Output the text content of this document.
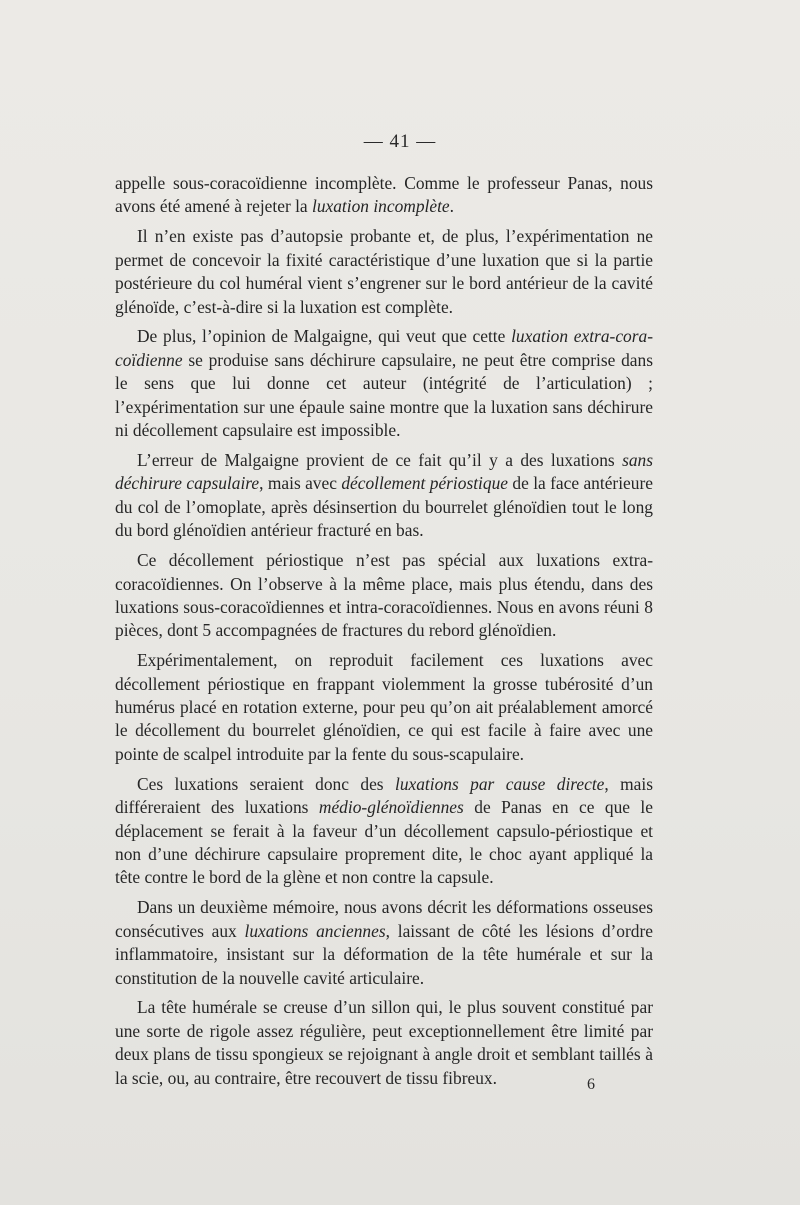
— 41 —

appelle sous-coracoïdienne incomplète. Comme le professeur Panas, nous avons été amené à rejeter la luxation incomplète.

Il n’en existe pas d’autopsie probante et, de plus, l’expérimentation ne permet de concevoir la fixité caractéristique d’une luxation que si la partie postérieure du col huméral vient s’engrener sur le bord antérieur de la cavité glénoïde, c’est-à-dire si la luxation est complète.

De plus, l’opinion de Malgaigne, qui veut que cette luxation extra-cora-coïdienne se produise sans déchirure capsulaire, ne peut être comprise dans le sens que lui donne cet auteur (intégrité de l’articulation) ; l’expérimentation sur une épaule saine montre que la luxation sans déchirure ni décollement capsulaire est impossible.

L’erreur de Malgaigne provient de ce fait qu’il y a des luxations sans déchirure capsulaire, mais avec décollement périostique de la face antérieure du col de l’omoplate, après désinsertion du bourrelet glénoïdien tout le long du bord glénoïdien antérieur fracturé en bas.

Ce décollement périostique n’est pas spécial aux luxations extra-coracoïdiennes. On l’observe à la même place, mais plus étendu, dans des luxations sous-coracoïdiennes et intra-coracoïdiennes. Nous en avons réuni 8 pièces, dont 5 accompagnées de fractures du rebord glénoïdien.

Expérimentalement, on reproduit facilement ces luxations avec décollement périostique en frappant violemment la grosse tubérosité d’un humérus placé en rotation externe, pour peu qu’on ait préalablement amorcé le décollement du bourrelet glénoïdien, ce qui est facile à faire avec une pointe de scalpel introduite par la fente du sous-scapulaire.

Ces luxations seraient donc des luxations par cause directe, mais différeraient des luxations médio-glénoïdiennes de Panas en ce que le déplacement se ferait à la faveur d’un décollement capsulo-périostique et non d’une déchirure capsulaire proprement dite, le choc ayant appliqué la tête contre le bord de la glène et non contre la capsule.

Dans un deuxième mémoire, nous avons décrit les déformations osseuses consécutives aux luxations anciennes, laissant de côté les lésions d’ordre inflammatoire, insistant sur la déformation de la tête humérale et sur la constitution de la nouvelle cavité articulaire.

La tête humérale se creuse d’un sillon qui, le plus souvent constitué par une sorte de rigole assez régulière, peut exceptionnellement être limité par deux plans de tissu spongieux se rejoignant à angle droit et semblant taillés à la scie, ou, au contraire, être recouvert de tissu fibreux.	6
